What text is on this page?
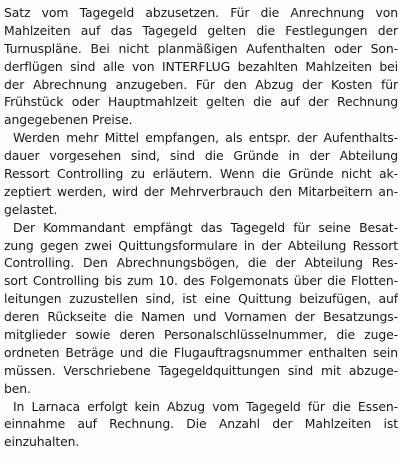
Satz vom Tagegeld abzusetzen. Für die Anrechnung von
Mahlzeiten auf das Tagegeld gelten die Festlegungen der
Turnuspläne. Bei nicht planmäßigen Aufenthalten oder Son-
derflügen sind alle von INTERFLUG bezahlten Mahlzeiten bei
der Abrechnung anzugeben. Für den Abzug der Kosten für
Frühstück oder Hauptmahlzeit gelten die auf der Rechnung
angegebenen Preise.
Werden mehr Mittel empfangen, als entspr. der Aufenthalts-
dauer vorgesehen sind, sind die Gründe in der Abteilung
Ressort Controlling zu erläutern. Wenn die Gründe nicht ak-
zeptiert werden, wird der Mehrverbrauch den Mitarbeitern an-
gelastet.
Der Kommandant empfängt das Tagegeld für seine Besat-
zung gegen zwei Quittungsformulare in der Abteilung Ressort
Controlling. Den Abrechnungsbögen, die der Abteilung Res-
sort Controlling bis zum 10. des Folgemonats über die Flotten-
leitungen zuzustellen sind, ist eine Quittung beizufügen, auf
deren Rückseite die Namen und Vornamen der Besatzungs-
mitglieder sowie deren Personalschlüsselnummer, die zuge-
ordneten Beträge und die Flugauftragsnummer enthalten sein
müssen. Verschriebene Tagegeldquittungen sind mit abzuge-
ben.
In Larnaca erfolgt kein Abzug vom Tagegeld für die Essen-
einnahme auf Rechnung. Die Anzahl der Mahlzeiten ist
einzuhalten.
